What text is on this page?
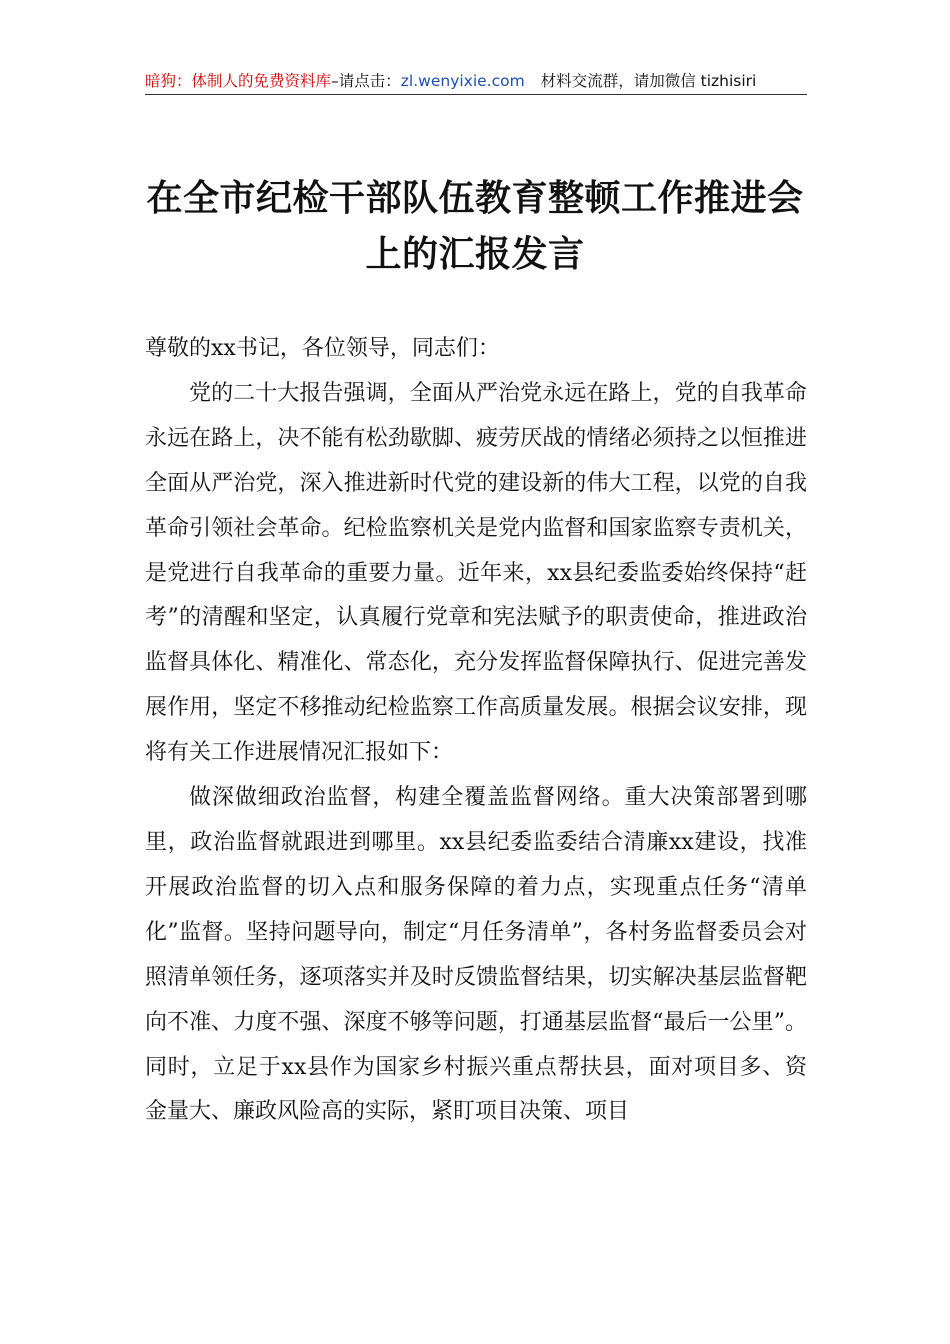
暗狗：体制人的免费资料库–请点击：zl.wenyixie.com 材料交流群，请加微信 tizhisiri
在全市纪检干部队伍教育整顿工作推进会
上的汇报发言

尊敬的xx书记，各位领导，同志们：

党的二十大报告强调，全面从严治党永远在路上，党的自我革命永远在路上，决不能有松劲歇脚、疲劳厌战的情绪必须持之以恒推进全面从严治党，深入推进新时代党的建设新的伟大工程，以党的自我革命引领社会革命。纪检监察机关是党内监督和国家监察专责机关，是党进行自我革命的重要力量。近年来，xx县纪委监委始终保持“赶考”的清醒和坚定，认真履行党章和宪法赋予的职责使命，推进政治监督具体化、精准化、常态化，充分发挥监督保障执行、促进完善发展作用，坚定不移推动纪检监察工作高质量发展。根据会议安排，现将有关工作进展情况汇报如下：

做深做细政治监督，构建全覆盖监督网络。重大决策部署到哪里，政治监督就跟进到哪里。xx县纪委监委结合清廉xx建设，找准开展政治监督的切入点和服务保障的着力点，实现重点任务“清单化”监督。坚持问题导向，制定“月任务清单”，各村务监督委员会对照清单领任务，逐项落实并及时反馈监督结果，切实解决基层监督靶向不准、力度不强、深度不够等问题，打通基层监督“最后一公里”。同时，立足于xx县作为国家乡村振兴重点帮扶县，面对项目多、资金量大、廉政风险高的实际，紧盯项目决策、项目
